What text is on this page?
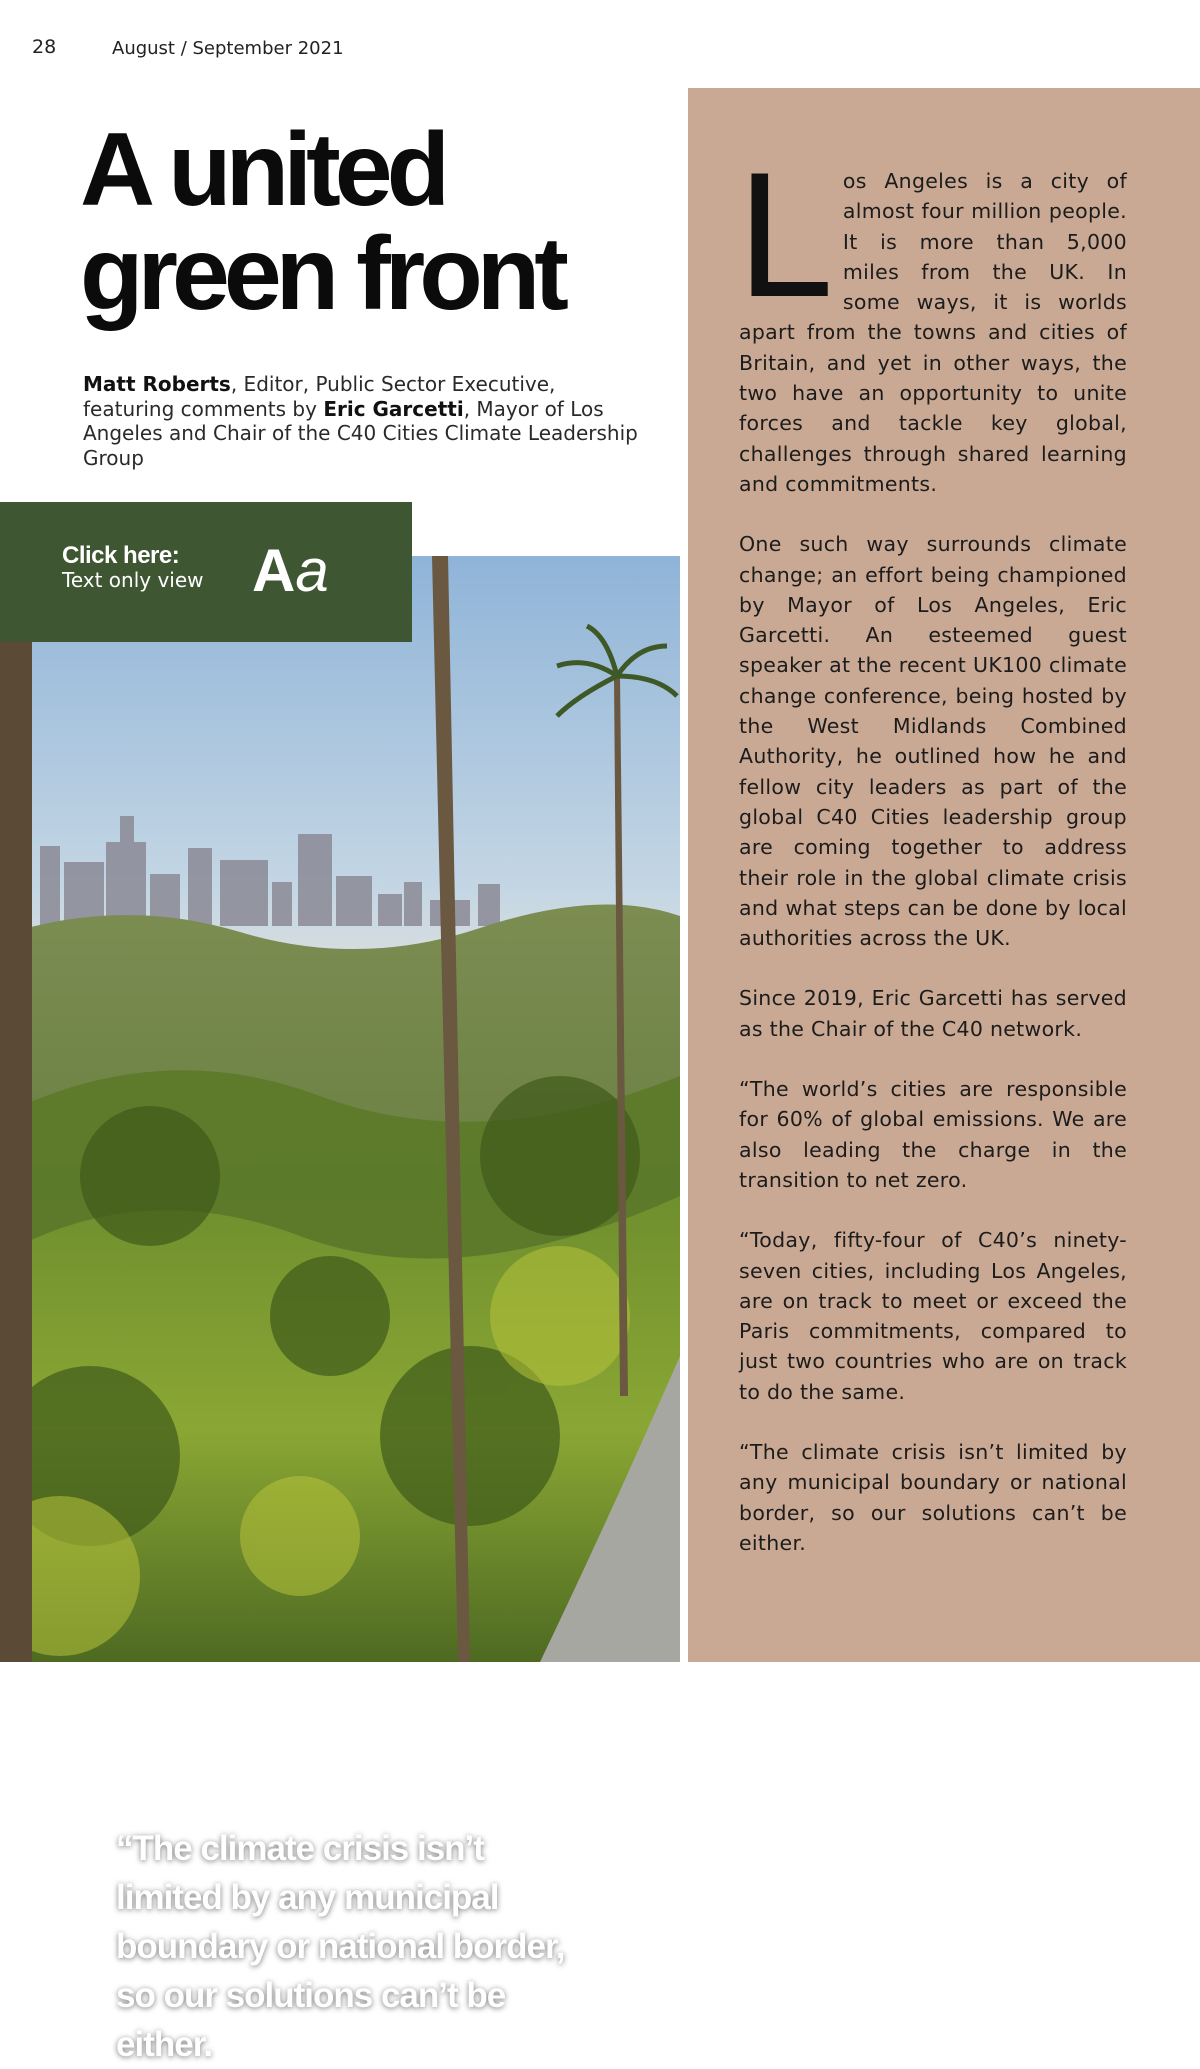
28	August / September 2021
A united
green front

Matt Roberts, Editor, Public Sector Executive, featuring comments by Eric Garcetti, Mayor of Los Angeles and Chair of the C40 Cities Climate Leadership Group

“The climate crisis isn’t limited by any municipal boundary or national border, so our solutions can’t be either.

Click here:
Text only view Aa

Los Angeles is a city of almost four million people. It is more than 5,000 miles from the UK. In some ways, it is worlds apart from the towns and cities of Britain, and yet in other ways, the two have an opportunity to unite forces and tackle key global, challenges through shared learning and commitments.

One such way surrounds climate change; an effort being championed by Mayor of Los Angeles, Eric Garcetti. An esteemed guest speaker at the recent UK100 climate change conference, being hosted by the West Midlands Combined Authority, he outlined how he and fellow city leaders as part of the global C40 Cities leadership group are coming together to address their role in the global climate crisis and what steps can be done by local authorities across the UK.

Since 2019, Eric Garcetti has served as the Chair of the C40 network.

“The world’s cities are responsible for 60% of global emissions. We are also leading the charge in the transition to net zero.

“Today, fifty-four of C40’s ninety-seven cities, including Los Angeles, are on track to meet or exceed the Paris commitments, compared to just two countries who are on track to do the same.

“The climate crisis isn’t limited by any municipal boundary or national border, so our solutions can’t be either.
